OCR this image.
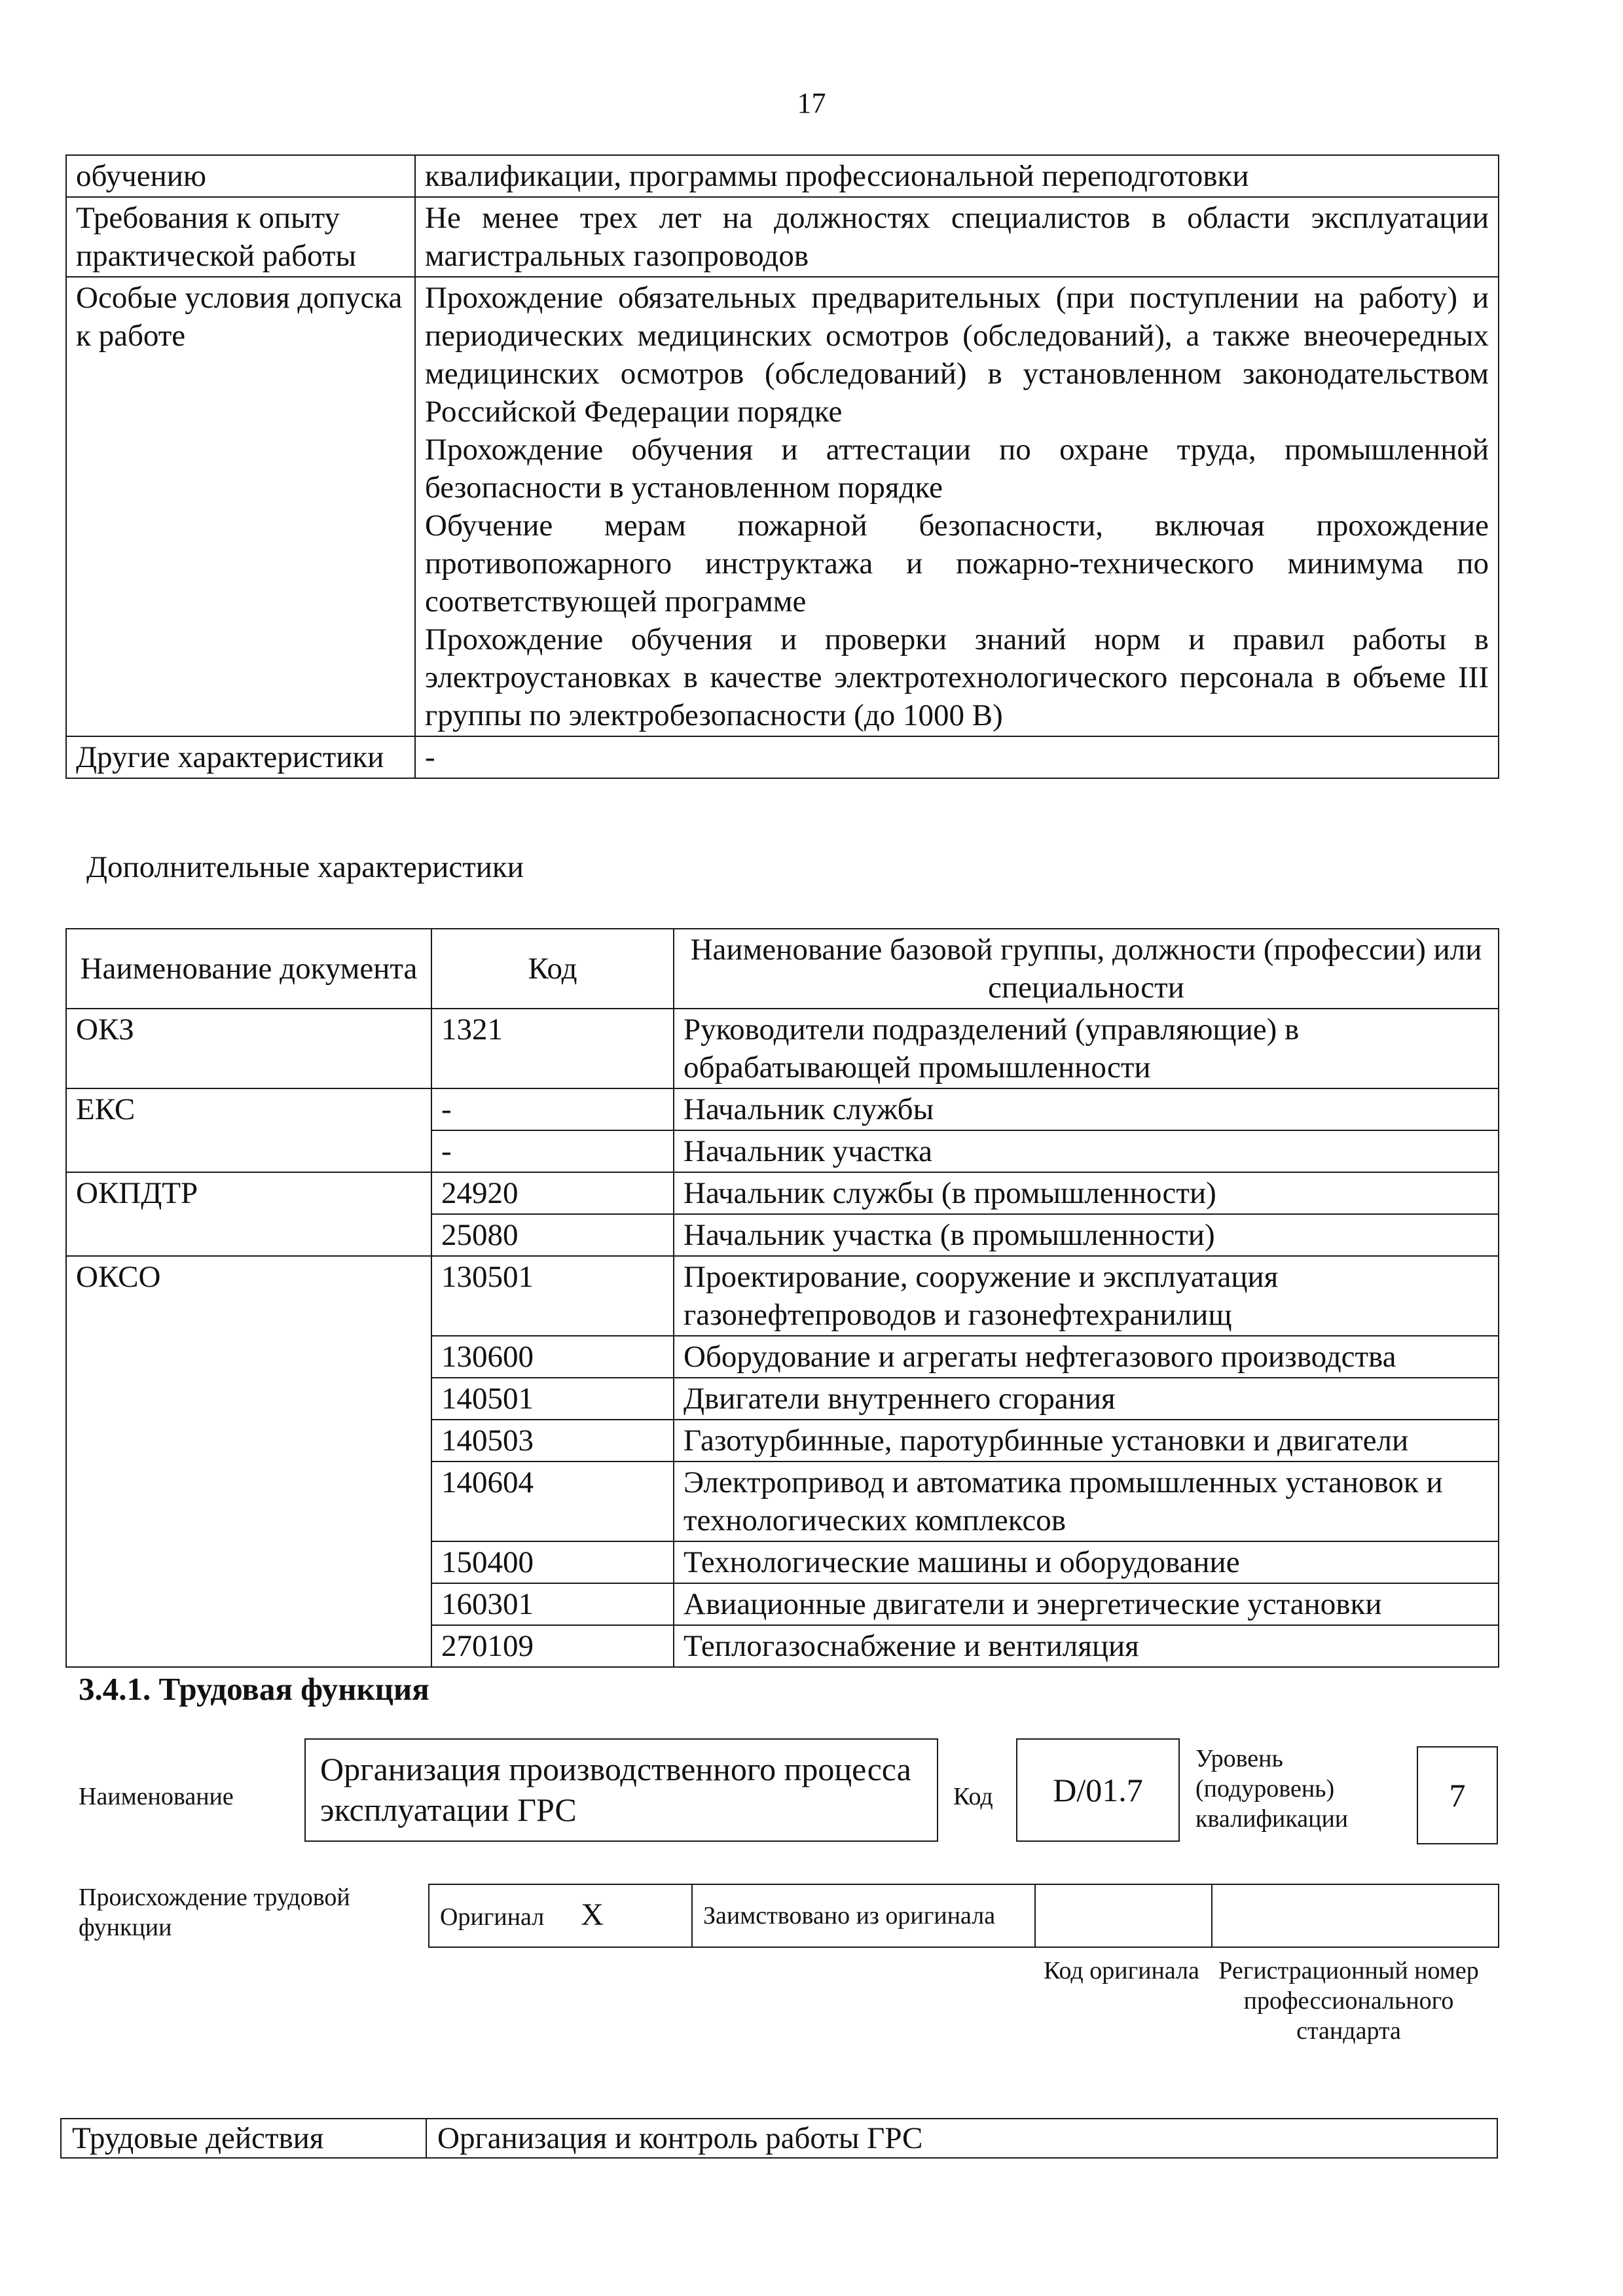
17
обучению	квалификации, программы профессиональной переподготовки

Требования к опыту практической работы	Не менее трех лет на должностях специалистов в области эксплуатации магистральных газопроводов

Особые условия допуска к работе	Прохождение обязательных предварительных (при поступлении на работу) и периодических медицинских осмотров (обследований), а также внеочередных медицинских осмотров (обследований) в установленном законодательством Российской Федерации порядке
Прохождение обучения и аттестации по охране труда, промышленной безопасности в установленном порядке
Обучение мерам пожарной безопасности, включая прохождение противопожарного инструктажа и пожарно-технического минимума по соответствующей программе
Прохождение обучения и проверки знаний норм и правил работы в электроустановках в качестве электротехнологического персонала в объеме III группы по электробезопасности (до 1000 В)

Другие характеристики	-
Дополнительные характеристики
Наименование документа	Код	Наименование базовой группы, должности (профессии) или специальности
ОКЗ	1321	Руководители подразделений (управляющие) в обрабатывающей промышленности
ЕКС	-	Начальник службы
	-	Начальник участка
ОКПДТР	24920	Начальник службы (в промышленности)
	25080	Начальник участка (в промышленности)
ОКСО	130501	Проектирование, сооружение и эксплуатация газонефтепроводов и газонефтехранилищ
	130600	Оборудование и агрегаты нефтегазового производства
	140501	Двигатели внутреннего сгорания
	140503	Газотурбинные, паротурбинные установки и двигатели
	140604	Электропривод и автоматика промышленных установок и технологических комплексов
	150400	Технологические машины и оборудование
	160301	Авиационные двигатели и энергетические установки
	270109	Теплогазоснабжение и вентиляция
3.4.1. Трудовая функция
Наименование
Организация производственного процесса эксплуатации ГРС	Код	D/01.7
Уровень (подуровень) квалификации
7
Происхождение трудовой функции	Оригинал X	Заимствовано из оригинала		
Код оригинала Регистрационный номер профессионального стандарта
Трудовые действия	Организация и контроль работы ГРС
